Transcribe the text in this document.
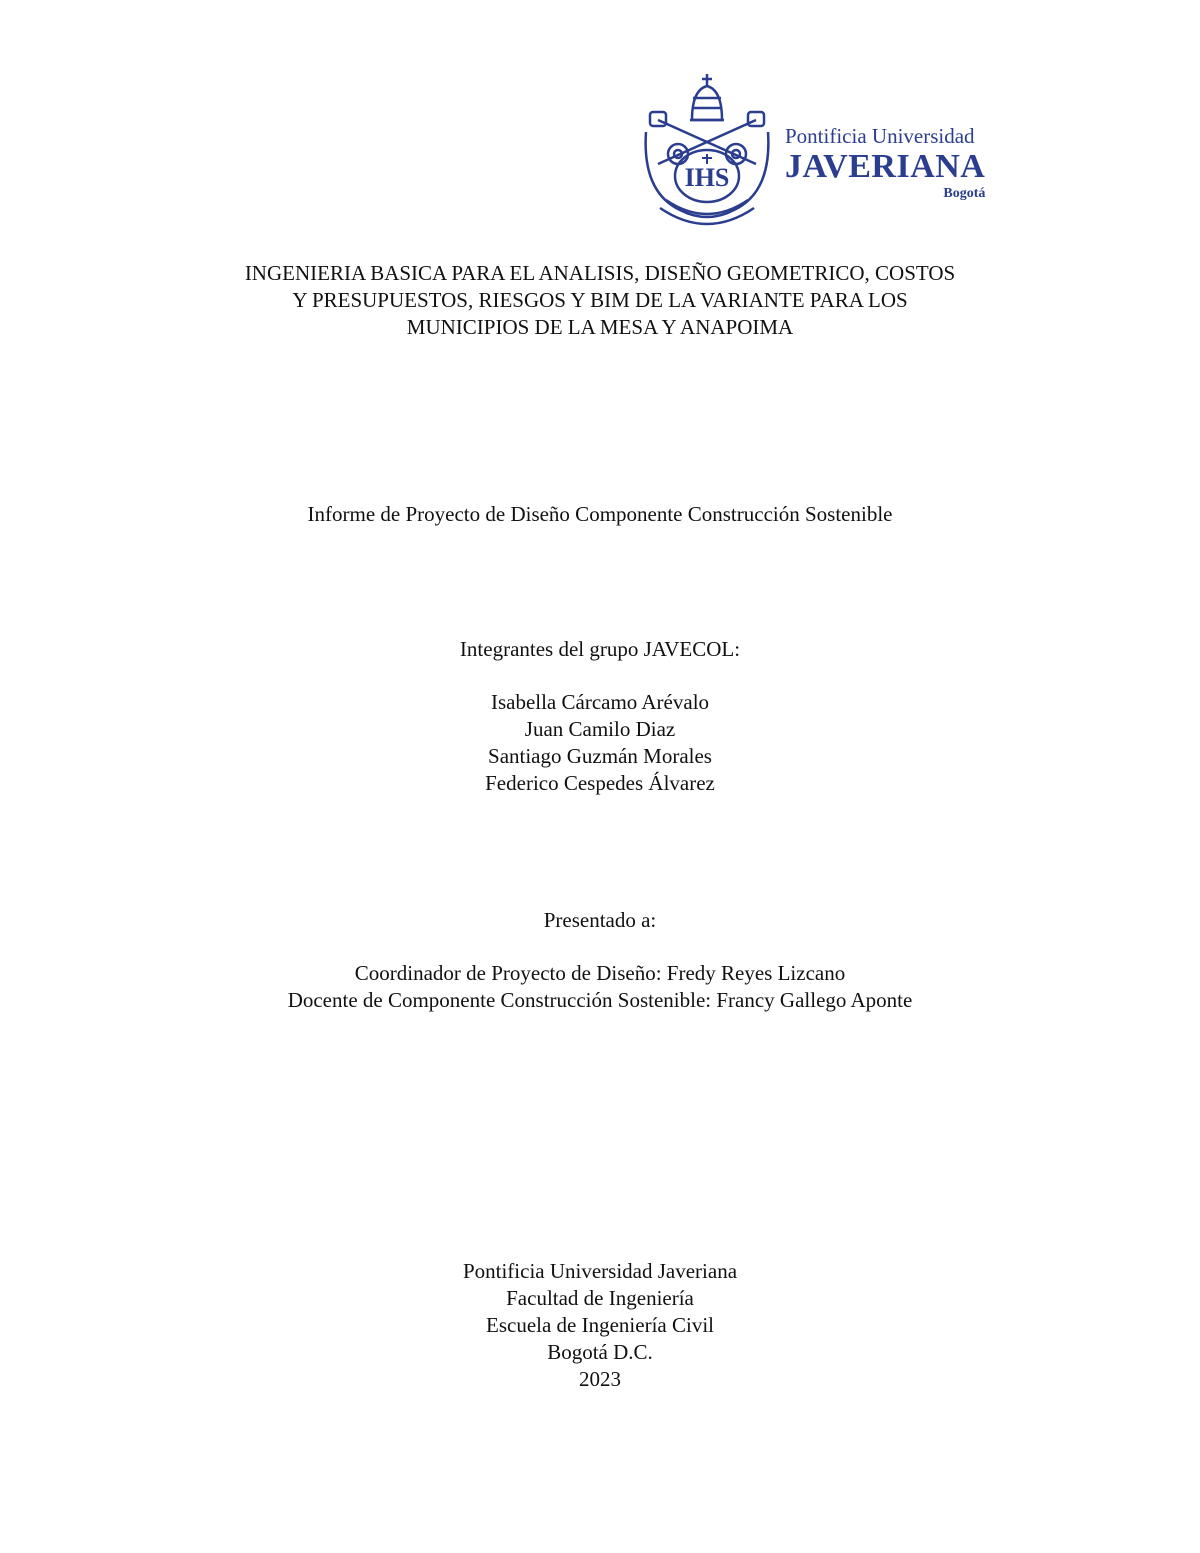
IHS
Pontificia Universidad
JAVERIANA
Bogotá
INGENIERIA BASICA PARA EL ANALISIS, DISEÑO GEOMETRICO, COSTOS
Y PRESUPUESTOS, RIESGOS Y BIM DE LA VARIANTE PARA LOS
MUNICIPIOS DE LA MESA Y ANAPOIMA
Informe de Proyecto de Diseño Componente Construcción Sostenible
Integrantes del grupo JAVECOL:
Isabella Cárcamo Arévalo
Juan Camilo Diaz
Santiago Guzmán Morales
Federico Cespedes Álvarez
Presentado a:
Coordinador de Proyecto de Diseño: Fredy Reyes Lizcano
Docente de Componente Construcción Sostenible: Francy Gallego Aponte
Pontificia Universidad Javeriana
Facultad de Ingeniería
Escuela de Ingeniería Civil
Bogotá D.C.
2023
